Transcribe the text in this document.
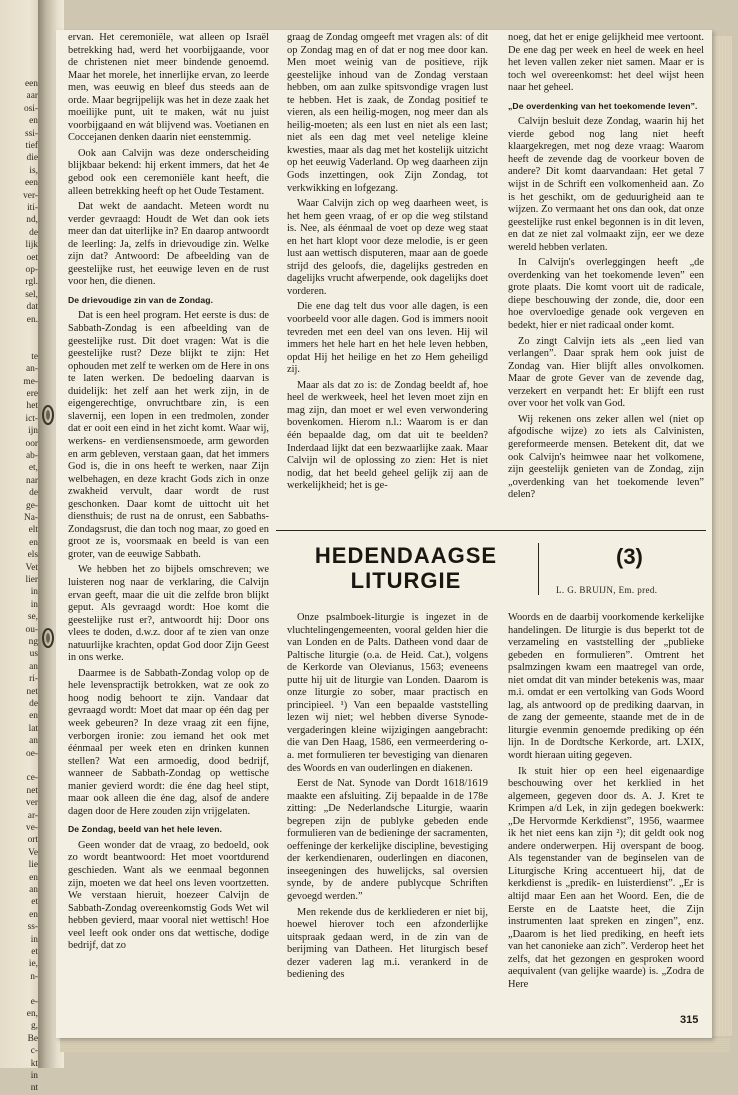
een
aar
osi-
en
ssi-
tief
die
is,
een
ver-
iti-
nd,
de
lijk
oet
op-
rgl.
sel,
dat
en.
te
an-
me-
ere
het
ict-
ijn
oor
ab-
et,
nar
de
ge-
Na-
elt
en
els
Vet
lier
in
in
se,
ou-
ng
us
an
ri-
net
de
en
lat
an
oe-
ce-
net
ver
ar-
ve-
ort
Ve
lie
en
an
et
en
ss-
in
et
ie,
n-
e-
en,
g,
Be
c-
kt
in
nt

ervan. Het ceremoniële, wat alleen op Israël betrekking had, werd het voorbijgaande, voor de christenen niet meer bindende genoemd. Maar het morele, het innerlijke ervan, zo leerde men, was eeuwig en bleef dus steeds aan de orde. Maar begrijpelijk was het in deze zaak het moeilijke punt, uit te maken, wát nu juist voorbijgaand en wát blijvend was. Voetianen en Coccejanen denken daarin niet eenstemmig.

Ook aan Calvijn was deze onderscheiding blijkbaar bekend: hij erkent immers, dat het 4e gebod ook een ceremoniële kant heeft, die alleen betrekking heeft op het Oude Testament.

Dat wekt de aandacht. Meteen wordt nu verder gevraagd: Houdt de Wet dan ook iets meer dan dat uiterlijke in? En daarop antwoordt de leerling: Ja, zelfs in drievoudige zin. Welke zijn dat? Antwoord: De afbeelding van de geestelijke rust, het eeuwige leven en de rust voor hen, die dienen.

De drievoudige zin van de Zondag.

Dat is een heel program. Het eerste is dus: de Sabbath-Zondag is een afbeelding van de geestelijke rust. Dit doet vragen: Wat is die geestelijke rust? Deze blijkt te zijn: Het ophouden met zelf te werken om de Here in ons te laten werken. De bedoeling daarvan is duidelijk: het zelf aan het werk zijn, in de eigengerechtige, onvruchtbare zin, is een slavernij, een lopen in een tredmolen, zonder dat er ooit een eind in het zicht komt. Waar wij, werkens- en verdiensensmoede, arm geworden en arm gebleven, verstaan gaan, dat het immers God is, die in ons heeft te werken, naar Zijn welbehagen, en deze kracht Gods zich in onze zwakheid vervult, daar wordt de rust geschonken. Daar komt de uittocht uit het diensthuis; de rust na de onrust, een Sabbaths-Zondagsrust, die dan toch nog maar, zo goed en groot ze is, voorsmaak en beeld is van een groter, van de eeuwige Sabbath.

We hebben het zo bijbels omschreven; we luisteren nog naar de verklaring, die Calvijn ervan geeft, maar die uit die zelfde bron blijkt geput. Als gevraagd wordt: Hoe komt die geestelijke rust er?, antwoordt hij: Door ons vlees te doden, d.w.z. door af te zien van onze natuurlijke krachten, opdat God door Zijn Geest in ons werke.

Daarmee is de Sabbath-Zondag volop op de hele levenspractijk betrokken, wat ze ook zo hoog nodig behoort te zijn. Vandaar dat gevraagd wordt: Moet dat maar op één dag per week gebeuren? In deze vraag zit een fijne, verborgen ironie: zou iemand het ook met éénmaal per week eten en drinken kunnen stellen? Wat een armoedig, dood bedrijf, wanneer de Sabbath-Zondag op wettische manier gevierd wordt: die éne dag heel stipt, maar ook alleen die éne dag, alsof de andere dagen door de Here zouden zijn vrijgelaten.

De Zondag, beeld van het hele leven.

Geen wonder dat de vraag, zo bedoeld, ook zo wordt beantwoord: Het moet voortdurend geschieden. Want als we eenmaal begonnen zijn, moeten we dat heel ons leven voortzetten. We verstaan hieruit, hoezeer Calvijn de Sabbath-Zondag overeenkomstig Gods Wet wil hebben gevierd, maar vooral niet wettisch! Hoe veel leeft ook onder ons dat wettische, dodige bedrijf, dat zo

graag de Zondag omgeeft met vragen als: of dit op Zondag mag en of dat er nog mee door kan. Men moet weinig van de positieve, rijk geestelijke inhoud van de Zondag verstaan hebben, om aan zulke spitsvondige vragen lust te hebben. Het is zaak, de Zondag positief te vieren, als een heilig-mogen, nog meer dan als heilig-moeten; als een lust en niet als een last; niet als een dag met veel netelige kleine kwesties, maar als dag met het kostelijk uitzicht op het eeuwig Vaderland. Op weg daarheen zijn Gods inzettingen, ook Zijn Zondag, tot verkwikking en lofgezang.

Waar Calvijn zich op weg daarheen weet, is het hem geen vraag, of er op die weg stilstand is. Nee, als éénmaal de voet op deze weg staat en het hart klopt voor deze melodie, is er geen lust aan wettisch disputeren, maar aan de goede strijd des geloofs, die, dagelijks gestreden en dagelijks vrucht afwerpende, ook dagelijks doet vorderen.

Die ene dag telt dus voor alle dagen, is een voorbeeld voor alle dagen. God is immers nooit tevreden met een deel van ons leven. Hij wil immers het hele hart en het hele leven hebben, opdat Hij het heilige en het zo Hem geheiligd zij.

Maar als dat zo is: de Zondag beeldt af, hoe heel de werkweek, heel het leven moet zijn en mag zijn, dan moet er wel even verwondering bovenkomen. Hierom n.l.: Waarom is er dan één bepaalde dag, om dat uit te beelden? Inderdaad lijkt dat een bezwaarlijke zaak. Maar Calvijn wil de oplossing zo zien: Het is niet nodig, dat het beeld geheel gelijk zij aan de werkelijkheid; het is ge-

noeg, dat het er enige gelijkheid mee vertoont. De ene dag per week en heel de week en heel het leven vallen zeker niet samen. Maar er is toch wel overeenkomst: het deel wijst heen naar het geheel.

„De overdenking van het toekomende leven”.

Calvijn besluit deze Zondag, waarin hij het vierde gebod nog lang niet heeft klaargekregen, met nog deze vraag: Waarom heeft de zevende dag de voorkeur boven de andere? Dit komt daarvandaan: Het getal 7 wijst in de Schrift een volkomenheid aan. Zo is het geschikt, om de geduurigheid aan te wijzen. Zo vermaant het ons dan ook, dat onze geestelijke rust enkel begonnen is in dit leven, en dat ze niet zal volmaakt zijn, eer we deze wereld hebben verlaten.

In Calvijn's overleggingen heeft „de overdenking van het toekomende leven” een grote plaats. Die komt voort uit de radicale, diepe beschouwing der zonde, die, door een hoe overvloedige genade ook vergeven en bedekt, hier er niet radicaal onder komt.

Zo zingt Calvijn iets als „een lied van verlangen”. Daar sprak hem ook juist de Zondag van. Hier blijft alles onvolkomen. Maar de grote Gever van de zevende dag, verzekert en verpandt het: Er blijft een rust over voor het volk van God.

Wij rekenen ons zeker allen wel (niet op afgodische wijze) zo iets als Calvinisten, gereformeerde mensen. Betekent dit, dat we ook Calvijn's heimwee naar het volkomene, zijn geestelijk genieten van de Zondag, zijn „overdenking van het toekomende leven” delen?

HEDENDAAGSE
LITURGIE
(3)
L. G. BRUIJN, Em. pred.

Onze psalmboek-liturgie is ingezet in de vluchtelingengemeenten, vooral gelden hier die van Londen en de Palts. Datheen vond daar de Paltische liturgie (o.a. de Heid. Cat.), volgens de Kerkorde van Olevianus, 1563; eveneens putte hij uit de liturgie van Londen. Daarom is onze liturgie zo sober, maar practisch en principieel. ¹) Van een bepaalde vaststelling lezen wij niet; wel hebben diverse Synode-vergaderingen kleine wijzigingen aangebracht: die van Den Haag, 1586, een vermeerdering o-a. met formulieren ter bevestiging van dienaren des Woords en van ouderlingen en diakenen.

Eerst de Nat. Synode van Dordt 1618/1619 maakte een afsluiting. Zij bepaalde in de 178e zitting: „De Nederlandsche Liturgie, waarin begrepen zijn de publyke gebeden ende formulieren van de bedieninge der sacramenten, oeffeninge der kerkelijke discipline, bevestiging der kerkendienaren, ouderlingen en diaconen, inseegeningen des huwelijcks, sal oversien synde, by de andere publycque Schriften gevoegd werden.”

Men rekende dus de kerkliederen er niet bij, hoewel hierover toch een afzonderlijke uitspraak gedaan werd, in de zin van de berijming van Datheen. Het liturgisch besef dezer vaderen lag m.i. verankerd in de bediening des

Woords en de daarbij voorkomende kerkelijke handelingen. De liturgie is dus beperkt tot de verzameling en vaststelling der „publieke gebeden en formulieren”. Omtrent het psalmzingen kwam een maatregel van orde, niet omdat dit van minder betekenis was, maar m.i. omdat er een vertolking van Gods Woord lag, als antwoord op de prediking daarvan, in de zang der gemeente, staande met de in de liturgie evenmin genoemde prediking op één lijn. In de Dordtsche Kerkorde, art. LXIX, wordt hieraan uiting gegeven.

Ik stuit hier op een heel eigenaardige beschouwing over het kerklied in het algemeen, gegeven door ds. A. J. Kret te Krimpen a/d Lek, in zijn gedegen boekwerk: „De Hervormde Kerkdienst”, 1956, waarmee ik het niet eens kan zijn ²); dit geldt ook nog andere onderwerpen. Hij overspant de boog. Als tegenstander van de beginselen van de Liturgische Kring accentueert hij, dat de kerkdienst is „predik- en luisterdienst”. „Er is altijd maar Een aan het Woord. Een, die de Eerste en de Laatste heet, die Zijn instrumenten laat spreken en zingen”, enz. „Daarom is het lied prediking, en heeft iets van het canonieke aan zich”. Verderop heet het zelfs, dat het gezongen en gesproken woord aequivalent (van gelijke waarde) is. „Zodra de Here

315
